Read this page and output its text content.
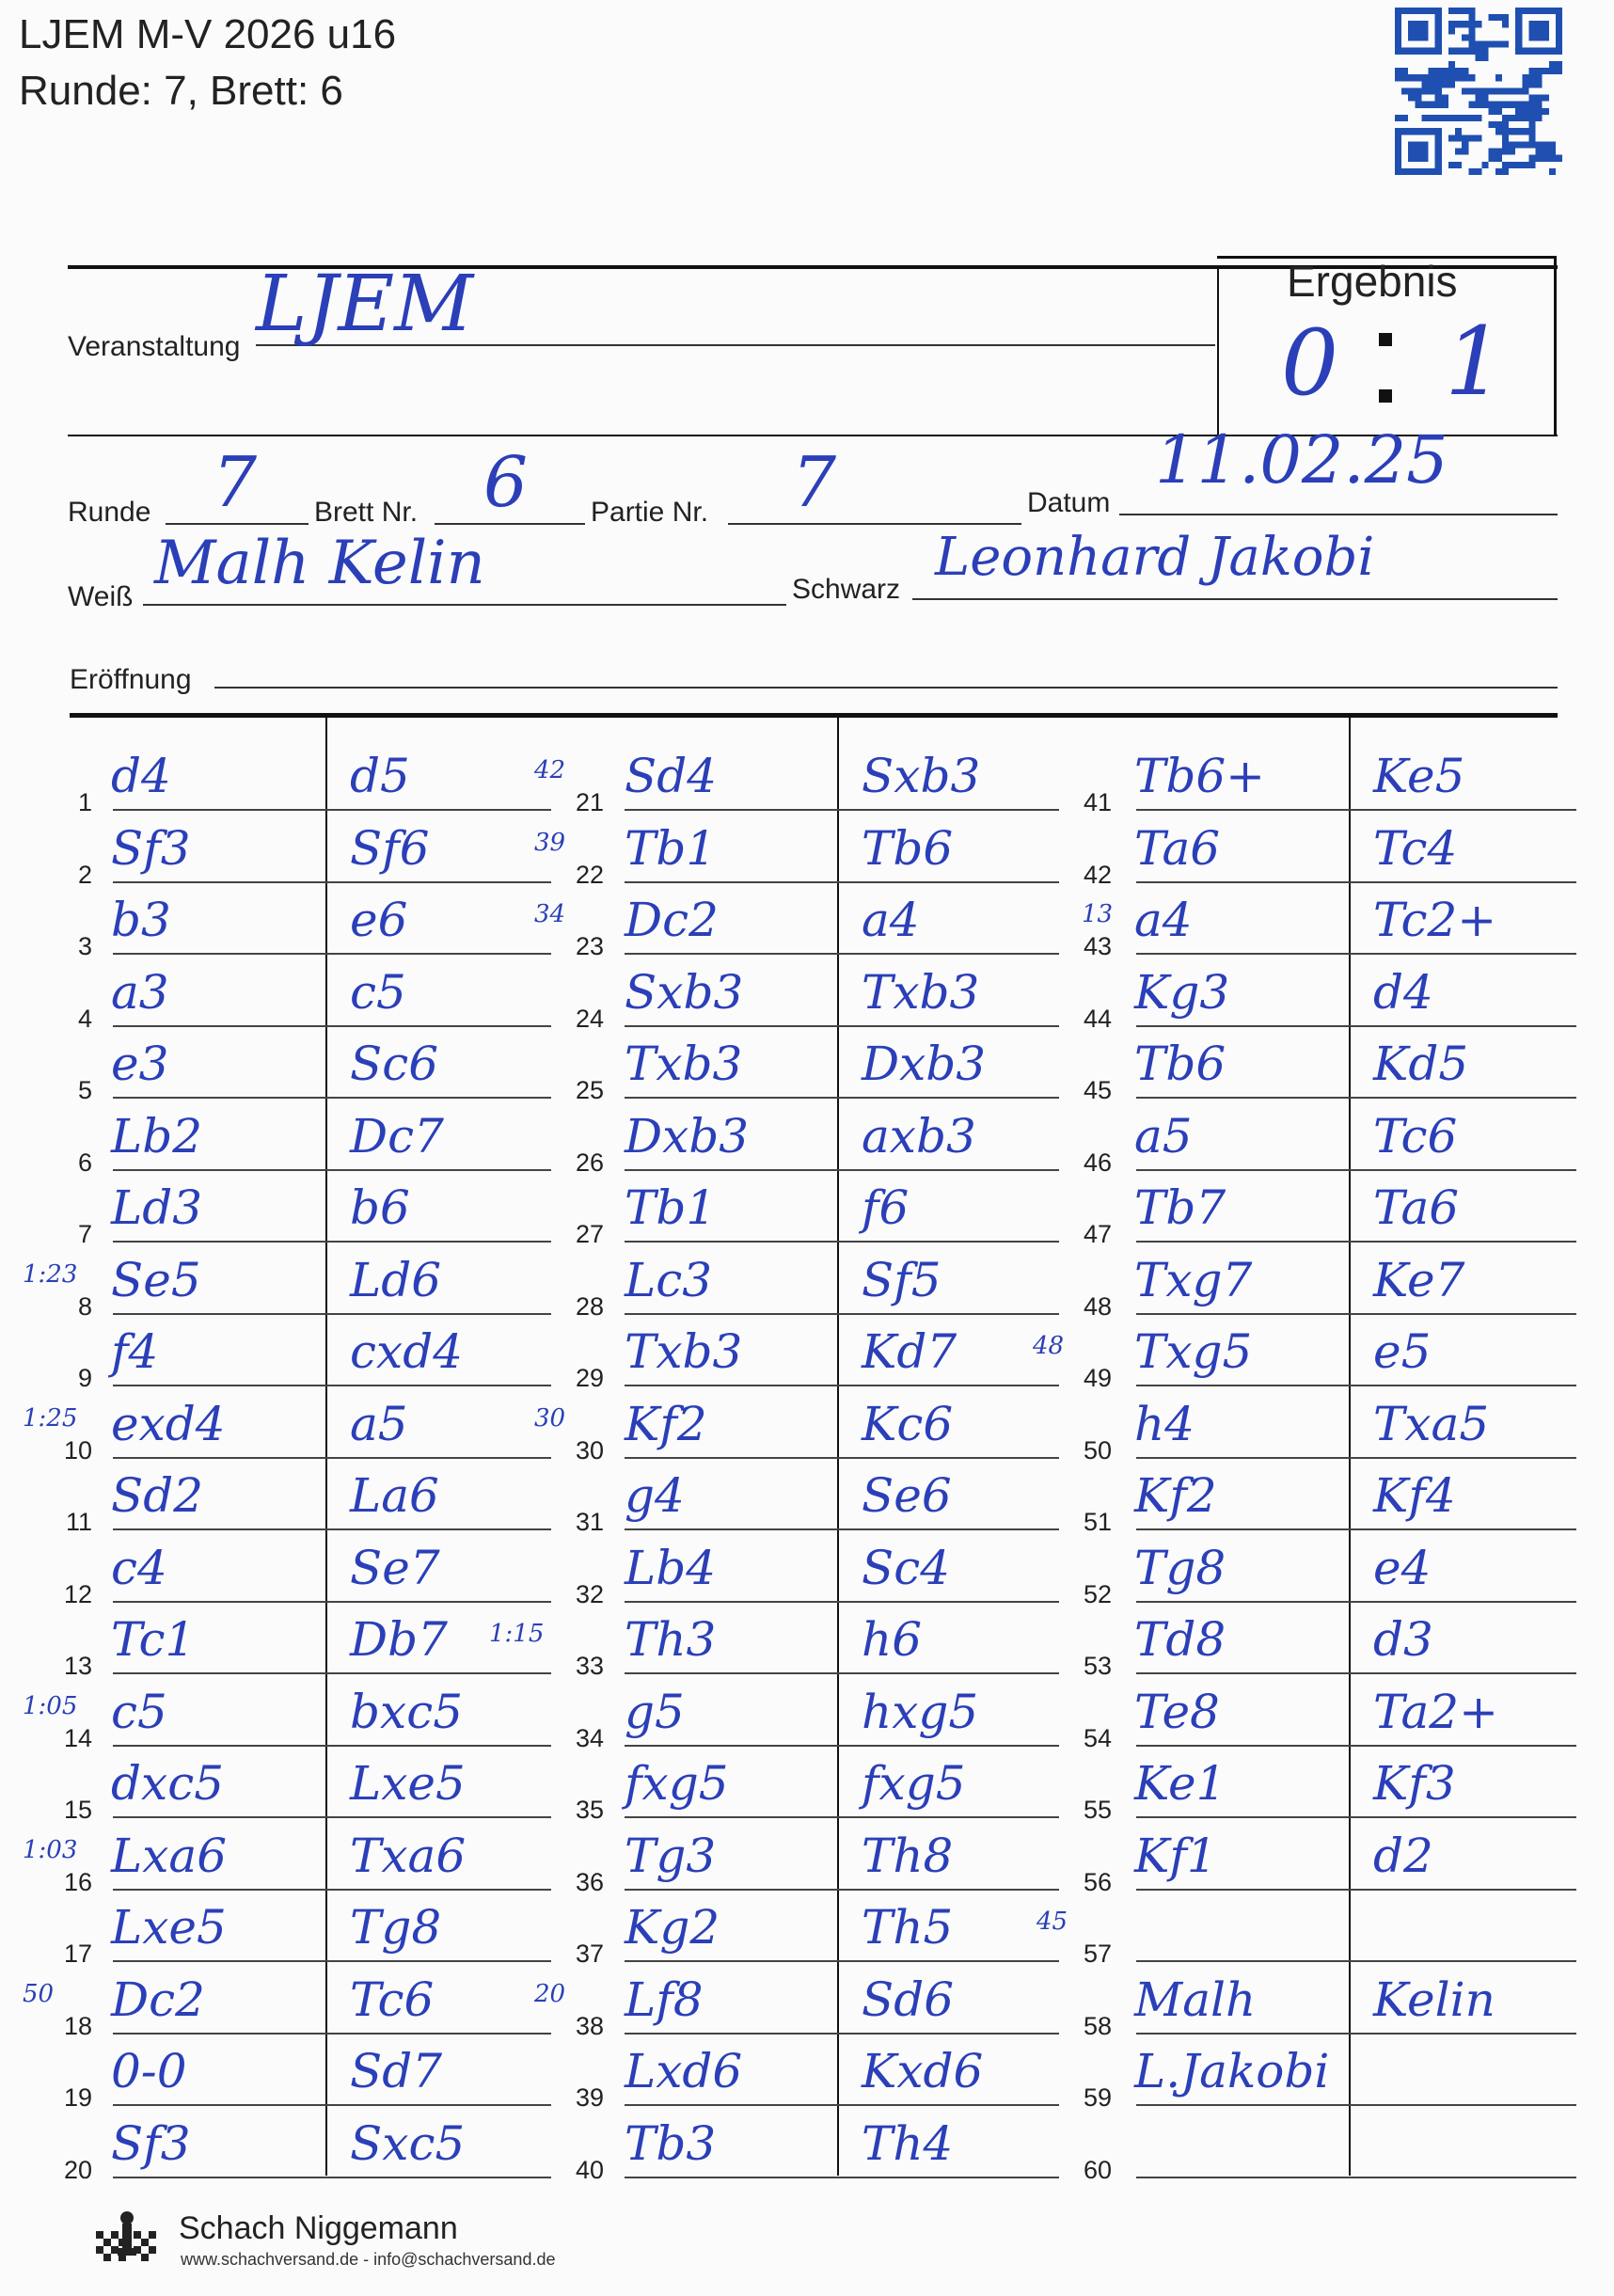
LJEM M-V 2026 u16
Runde: 7, Brett: 6
Veranstaltung LJEM	Ergebnis
0 1
Runde 7 Brett Nr. 6 Partie Nr. 7	Datum
11.02.25
Weiß Malh Kelin	Schwarz
Leonhard Jakobi
Eröffnung
1 d4	d5
2 Sf3	Sf6
3 b3	e6
4 a3	c5
5 e3	Sc6
6 Lb2	Dc7
7 Ld3	b6
8 Se5	Ld6
9 f4	cxd4
10 exd4	a5
11 Sd2	La6
12 c4	Se7
13 Tc1	Db7
14 c5	bxc5
15 dxc5	Lxe5
16 Lxa6	Txa6
17 Lxe5	Tg8
18 Dc2	Tc6
19 0-0	Sd7
20 Sf3	Sxc5
21 Sd4	Sxb3
22 Tb1	Tb6
23 Dc2	a4
24 Sxb3	Txb3
25 Txb3	Dxb3
26 Dxb3 axb3
27 Tb1	f6
28 Lc3	Sf5
29 Txb3	Kd7
30 Kf2	Kc6
31 g4	Se6
32 Lb4	Sc4
33 Th3	h6
34 g5	hxg5
35 fxg5	fxg5
36 Tg3	Th8
37 Kg2	Th5
38 Lf8	Sd6
39 Lxd6	Kxd6
40 Tb3	Th4
41 Tb6+ Ke5
42 Ta6	Tc4
43 a4	Tc2+
44 Kg3	d4
45 Tb6	Kd5
46 a5	Tc6
47 Tb7	Ta6
48 Txg7	Ke7
49 Txg5	e5
50 h4	Txa5
51 Kf2	Kf4
52 Tg8	e4
53 Td8	d3
54 Te8	Ta2+
55 Ke1	Kf3
56 Kf1	d2
57
58 Malh Kelin
59 L.Jakobi
60
1:23
1:25
1:15
1:05
1:03
50
42
39
34
30
20
48
45
13
Schach Niggemann
www.schachversand.de - info@schachversand.de
